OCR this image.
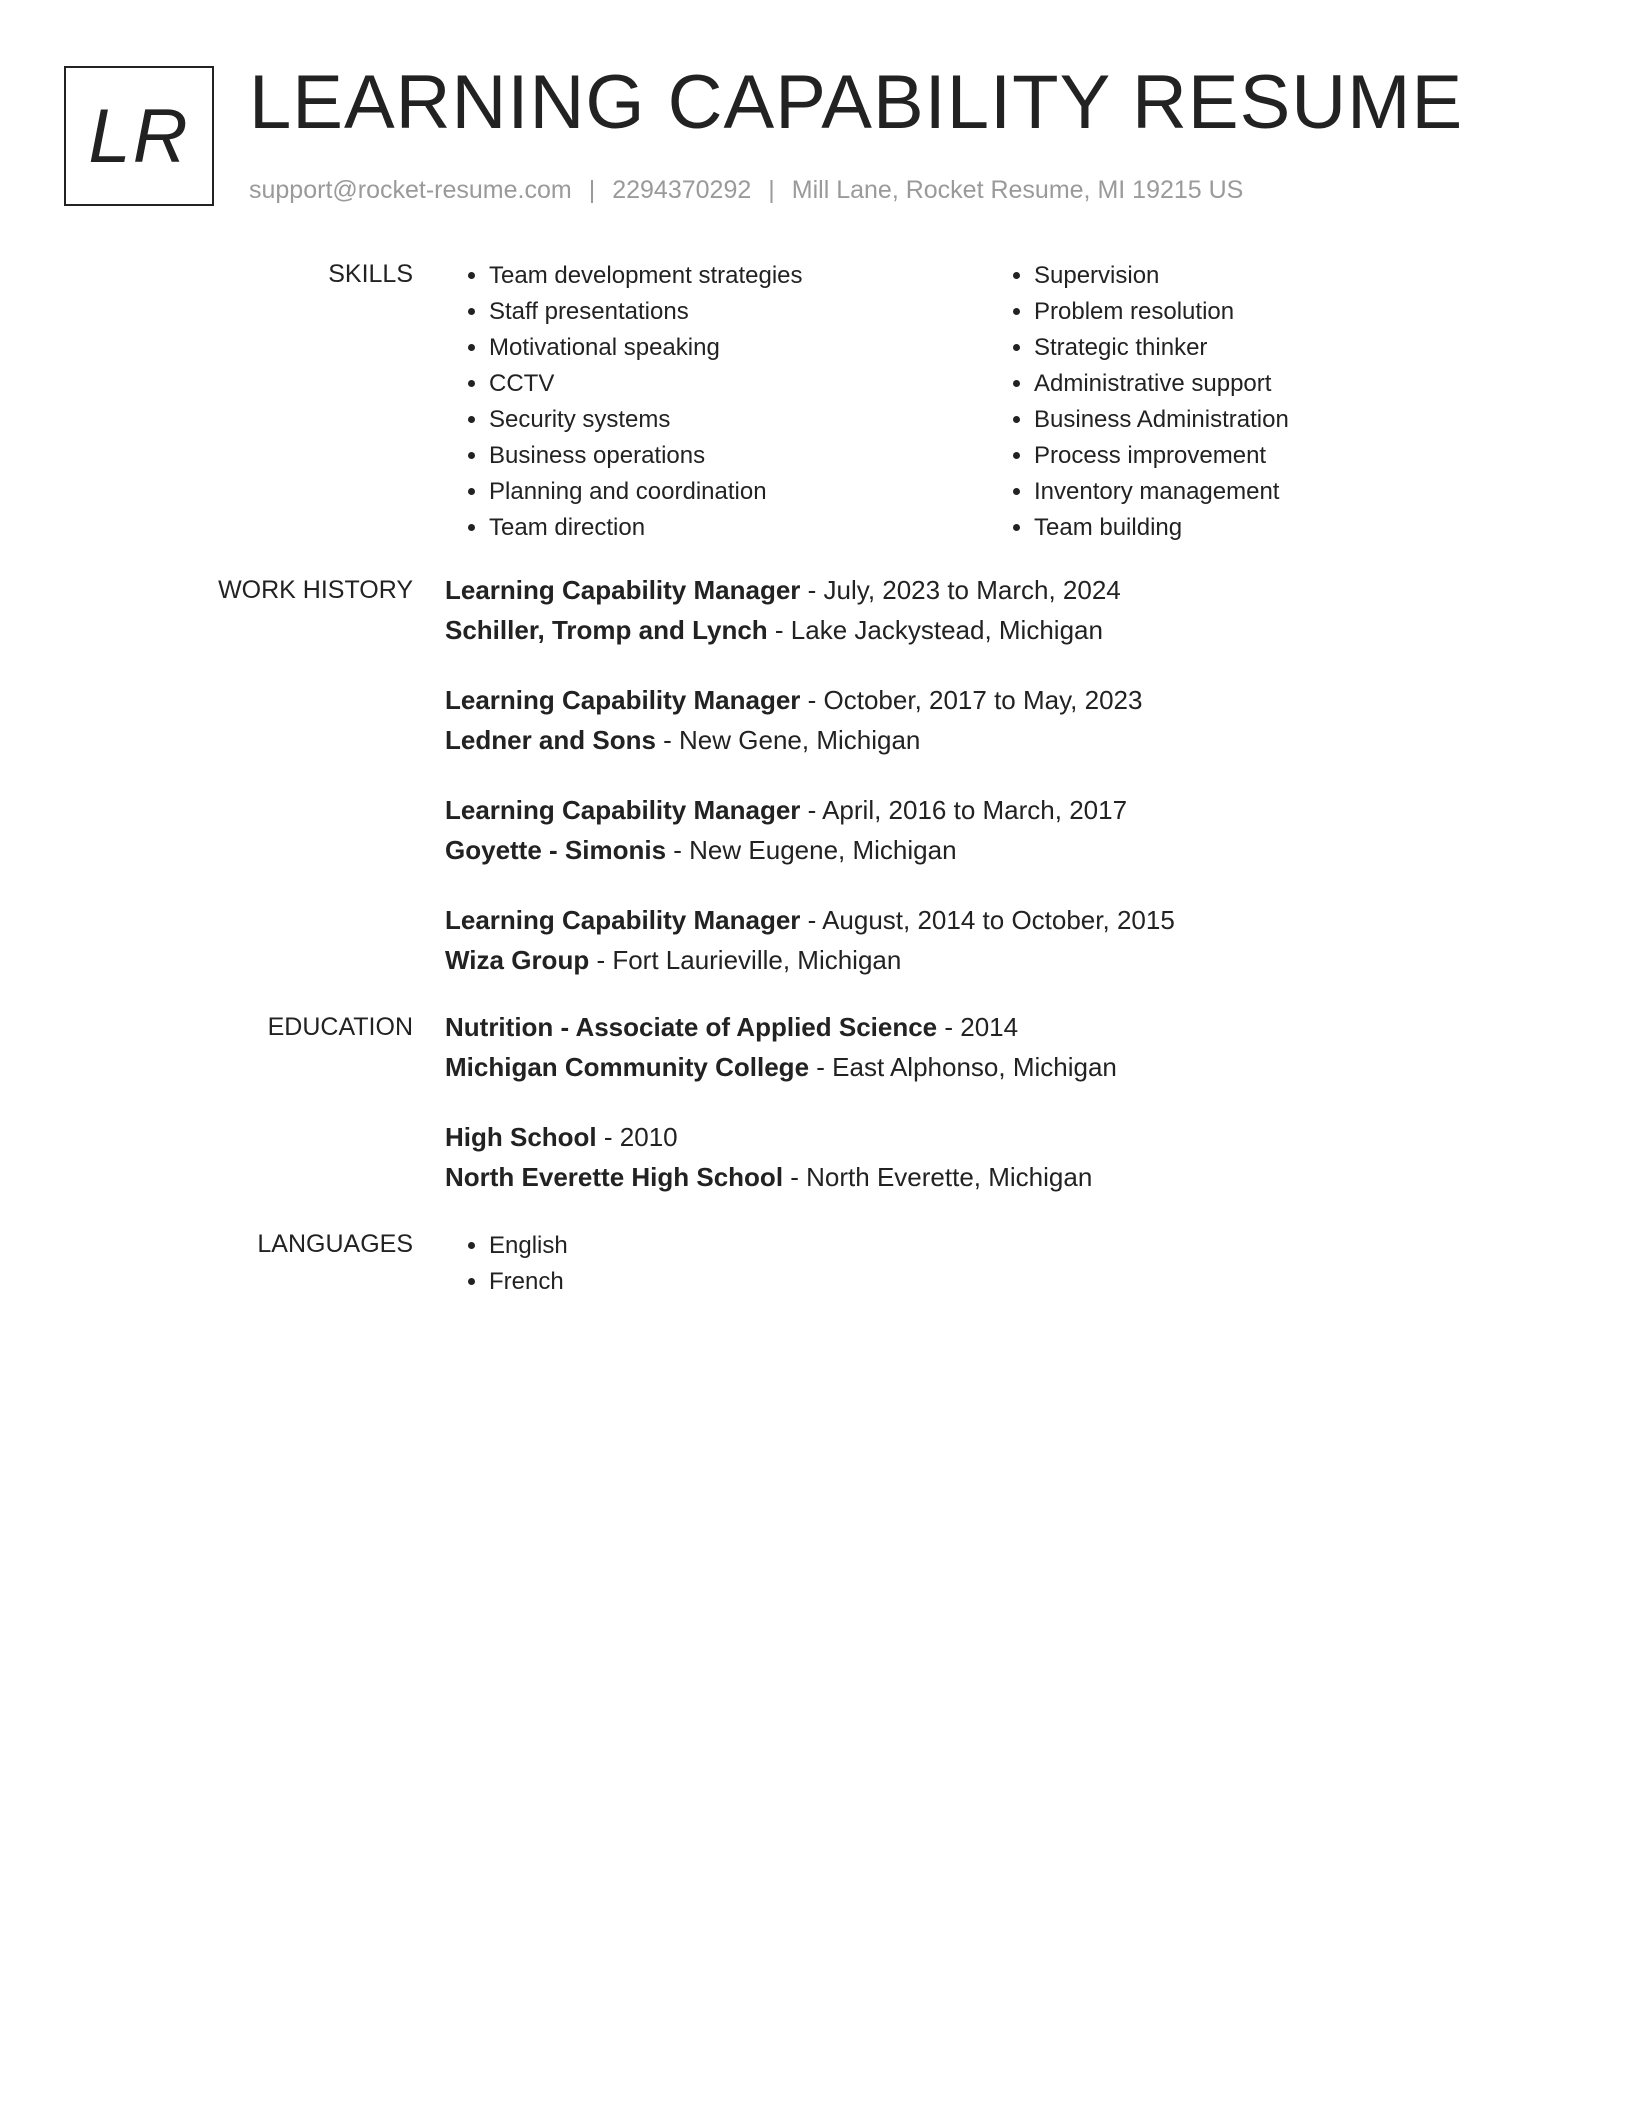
LR LEARNING CAPABILITY RESUME
support@rocket-resume.com | 2294370292 | Mill Lane, Rocket Resume, MI 19215 US
SKILLS	• Team development strategies
• Staff presentations
• Motivational speaking
• CCTV
• Security systems
• Business operations
• Planning and coordination
• Team direction
• Supervision
• Problem resolution
• Strategic thinker
• Administrative support
• Business Administration
• Process improvement
• Inventory management
• Team building
WORK HISTORY Learning Capability Manager - July, 2023 to March, 2024
Schiller, Tromp and Lynch - Lake Jackystead, Michigan
Learning Capability Manager - October, 2017 to May, 2023
Ledner and Sons - New Gene, Michigan
Learning Capability Manager - April, 2016 to March, 2017
Goyette - Simonis - New Eugene, Michigan
Learning Capability Manager - August, 2014 to October, 2015
Wiza Group - Fort Laurieville, Michigan
EDUCATION Nutrition - Associate of Applied Science - 2014
Michigan Community College - East Alphonso, Michigan
High School - 2010
North Everette High School - North Everette, Michigan
LANGUAGES	• English
• French
